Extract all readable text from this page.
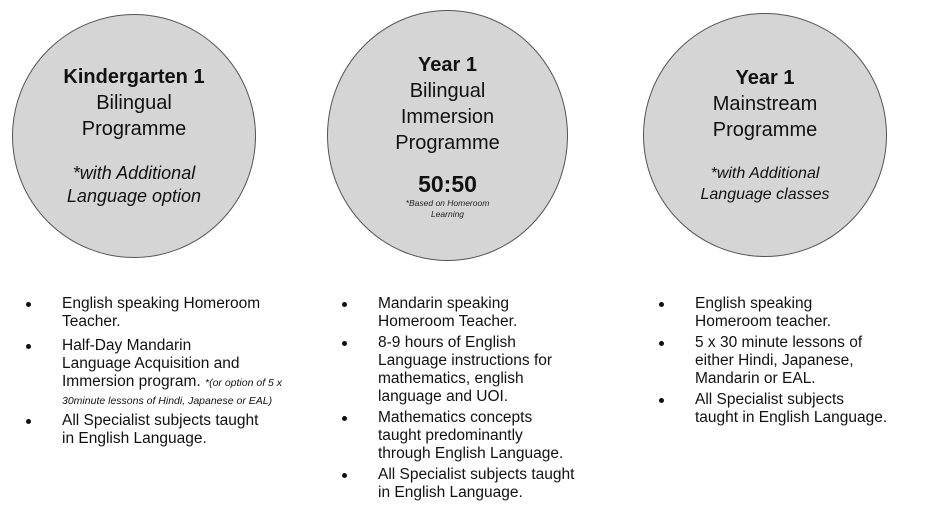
Kindergarten 1
Bilingual
Programme
*with Additional
Language option
Year 1
Bilingual
Immersion
Programme
50:50
*Based on Homeroom
Learning
Year 1
Mainstream
Programme
*with Additional
Language classes
English speaking Homeroom
Teacher.
Half-Day Mandarin
Language Acquisition and
Immersion program. *(or option of 5 x 30minute lessons of Hindi, Japanese or EAL)
All Specialist subjects taught
in English Language.
Mandarin speaking
Homeroom Teacher.
8-9 hours of English
Language instructions for
mathematics, english
language and UOI.
Mathematics concepts
taught predominantly
through English Language.
All Specialist subjects taught
in English Language.
English speaking
Homeroom teacher.
5 x 30 minute lessons of
either Hindi, Japanese,
Mandarin or EAL.
All Specialist subjects
taught in English Language.
